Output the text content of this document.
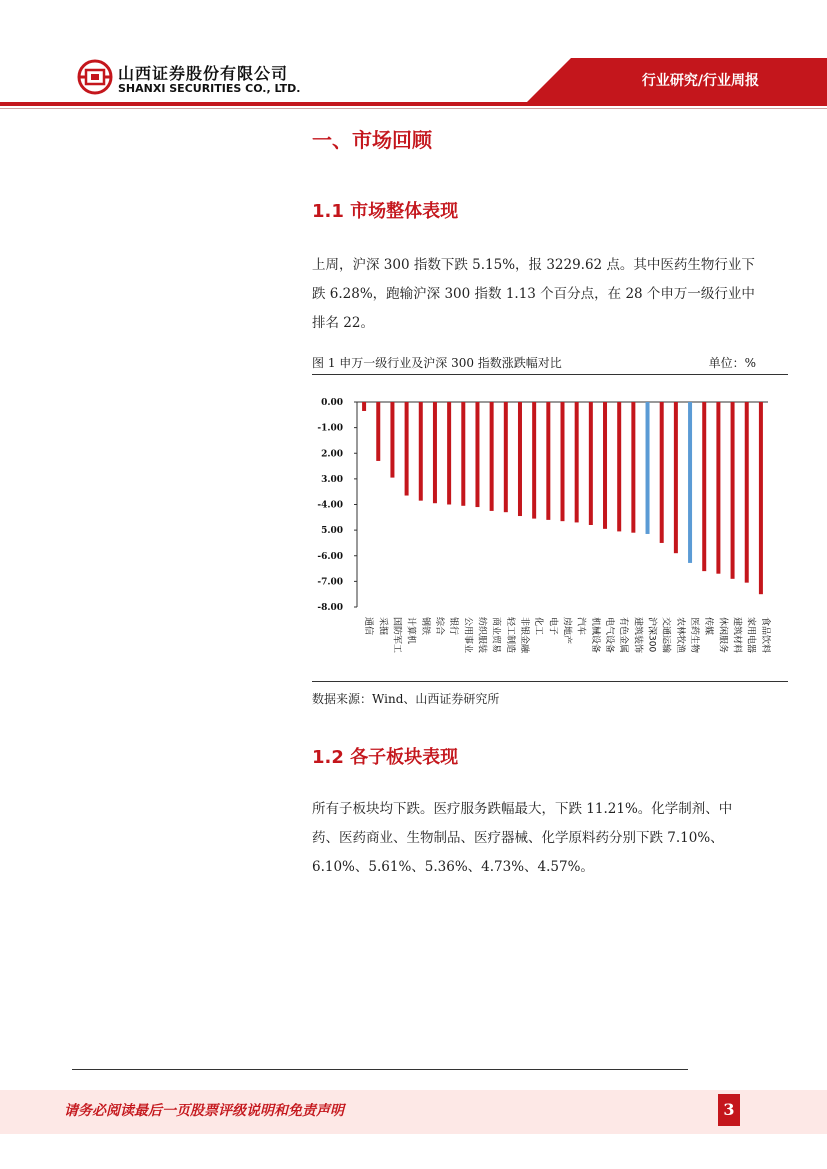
山西证券股份有限公司
SHANXI SECURITIES CO., LTD.	行业研究/行业周报
一、市场回顾
1.1 市场整体表现
上周，沪深 300 指数下跌 5.15%，报 3229.62 点。其中医药生物行业下
跌 6.28%，跑输沪深 300 指数 1.13 个百分点，在 28 个申万一级行业中
排名 22。
图 1 申万一级行业及沪深 300 指数涨跌幅对比	单位：%
0.00
-1.00
2.00
3.00
-4.00
5.00
-6.00
-7.00
-8.00
通信 采掘 国防军工 计算机 钢铁 综合 银行 公用事业 纺织服装 商业贸易 轻工制造 非银金融 化工 电子 房地产 汽车 机械设备 电气设备 有色金属 建筑装饰 沪深300 交通运输 农林牧渔 医药生物 传媒 休闲服务 建筑材料 家用电器 食品饮料
数据来源：Wind、山西证券研究所
1.2 各子板块表现
所有子板块均下跌。医疗服务跌幅最大，下跌 11.21%。化学制剂、中
药、医药商业、生物制品、医疗器械、化学原料药分别下跌 7.10%、
6.10%、5.61%、5.36%、4.73%、4.57%。
请务必阅读最后一页股票评级说明和免责声明	3
